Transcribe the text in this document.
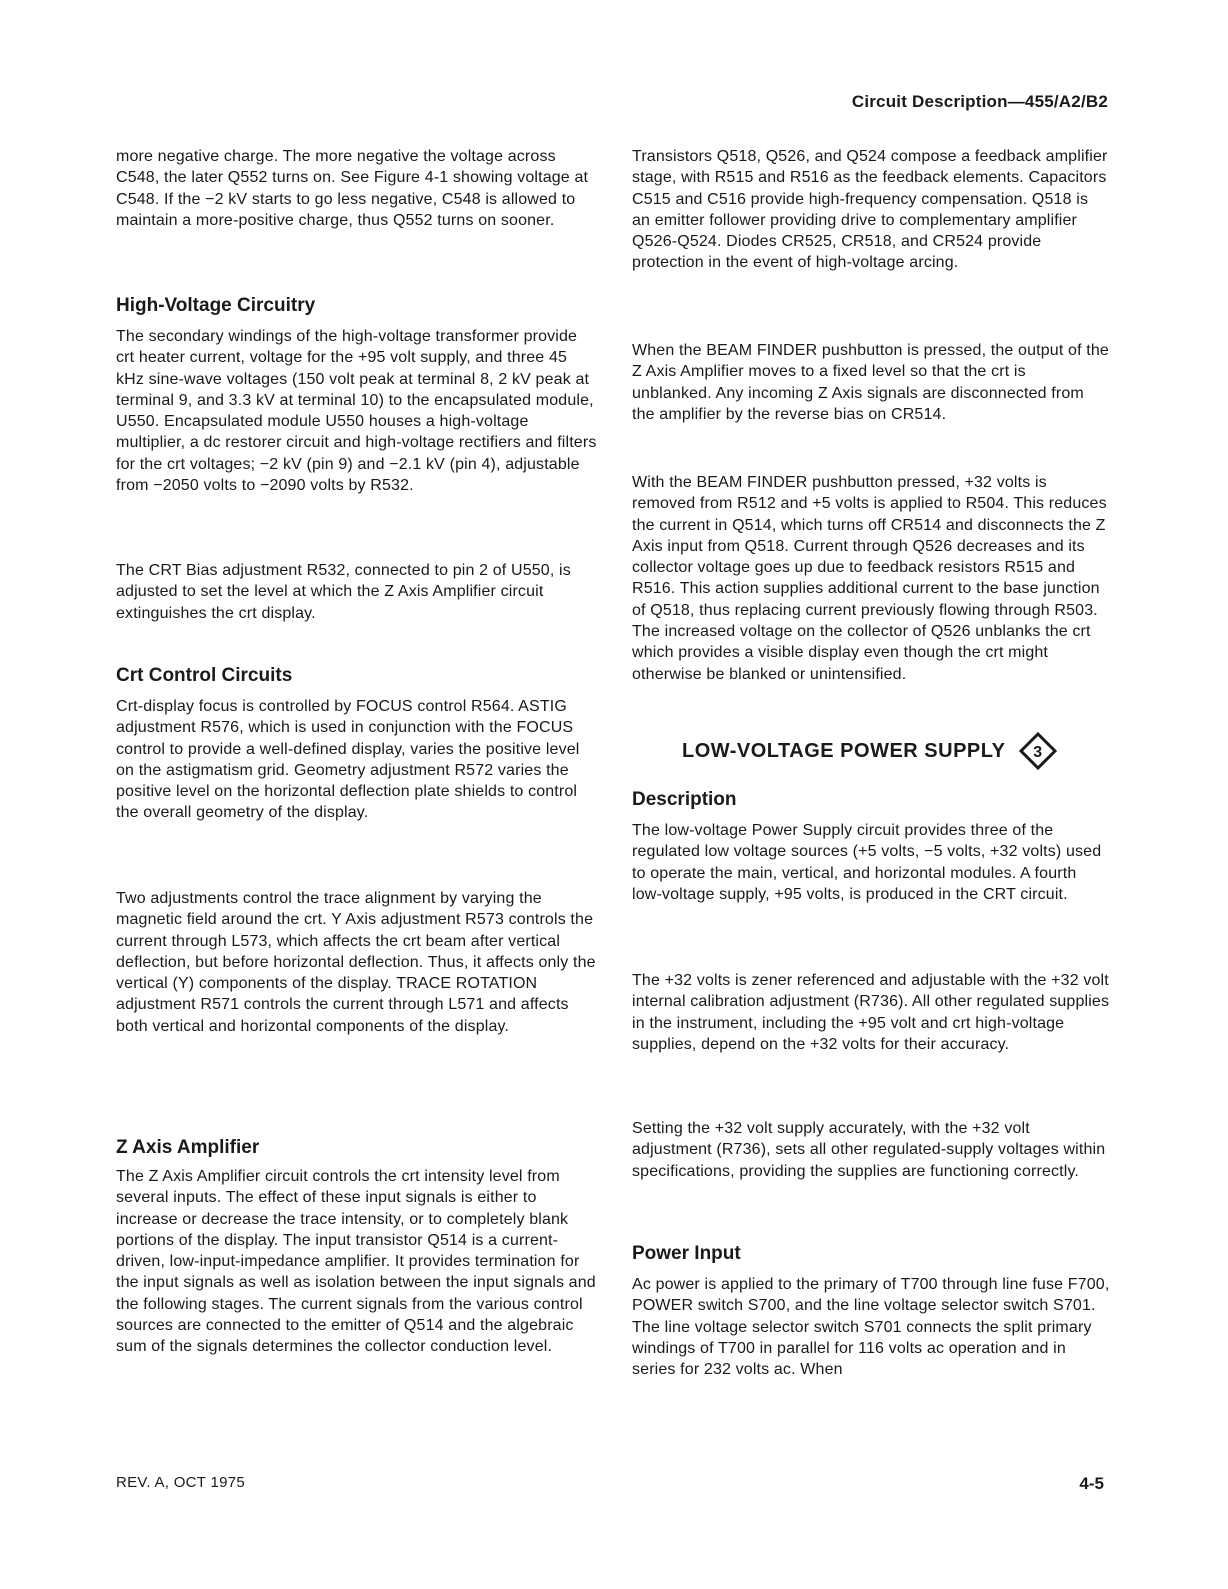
Circuit Description—455/A2/B2

more negative charge. The more negative the voltage across C548, the later Q552 turns on. See Figure 4-1 showing voltage at C548. If the −2 kV starts to go less negative, C548 is allowed to maintain a more-positive charge, thus Q552 turns on sooner.

High-Voltage Circuitry

The secondary windings of the high-voltage transformer provide crt heater current, voltage for the +95 volt supply, and three 45 kHz sine-wave voltages (150 volt peak at terminal 8, 2 kV peak at terminal 9, and 3.3 kV at terminal 10) to the encapsulated module, U550. Encapsulated module U550 houses a high-voltage multiplier, a dc restorer circuit and high-voltage rectifiers and filters for the crt voltages; −2 kV (pin 9) and −2.1 kV (pin 4), adjustable from −2050 volts to −2090 volts by R532.

The CRT Bias adjustment R532, connected to pin 2 of U550, is adjusted to set the level at which the Z Axis Amplifier circuit extinguishes the crt display.

Crt Control Circuits

Crt-display focus is controlled by FOCUS control R564. ASTIG adjustment R576, which is used in conjunction with the FOCUS control to provide a well-defined display, varies the positive level on the astigmatism grid. Geometry adjustment R572 varies the positive level on the horizontal deflection plate shields to control the overall geometry of the display.

Two adjustments control the trace alignment by varying the magnetic field around the crt. Y Axis adjustment R573 controls the current through L573, which affects the crt beam after vertical deflection, but before horizontal deflection. Thus, it affects only the vertical (Y) components of the display. TRACE ROTATION adjustment R571 controls the current through L571 and affects both vertical and horizontal components of the display.

Z Axis Amplifier

The Z Axis Amplifier circuit controls the crt intensity level from several inputs. The effect of these input signals is either to increase or decrease the trace intensity, or to completely blank portions of the display. The input transistor Q514 is a current-driven, low-input-impedance amplifier. It provides termination for the input signals as well as isolation between the input signals and the following stages. The current signals from the various control sources are connected to the emitter of Q514 and the algebraic sum of the signals determines the collector conduction level.

Transistors Q518, Q526, and Q524 compose a feedback amplifier stage, with R515 and R516 as the feedback elements. Capacitors C515 and C516 provide high-frequency compensation. Q518 is an emitter follower providing drive to complementary amplifier Q526-Q524. Diodes CR525, CR518, and CR524 provide protection in the event of high-voltage arcing.

When the BEAM FINDER pushbutton is pressed, the output of the Z Axis Amplifier moves to a fixed level so that the crt is unblanked. Any incoming Z Axis signals are disconnected from the amplifier by the reverse bias on CR514.

With the BEAM FINDER pushbutton pressed, +32 volts is removed from R512 and +5 volts is applied to R504. This reduces the current in Q514, which turns off CR514 and disconnects the Z Axis input from Q518. Current through Q526 decreases and its collector voltage goes up due to feedback resistors R515 and R516. This action supplies additional current to the base junction of Q518, thus replacing current previously flowing through R503. The increased voltage on the collector of Q526 unblanks the crt which provides a visible display even though the crt might otherwise be blanked or unintensified.

LOW-VOLTAGE POWER SUPPLY 3
Description

The low-voltage Power Supply circuit provides three of the regulated low voltage sources (+5 volts, −5 volts, +32 volts) used to operate the main, vertical, and horizontal modules. A fourth low-voltage supply, +95 volts, is produced in the CRT circuit.

The +32 volts is zener referenced and adjustable with the +32 volt internal calibration adjustment (R736). All other regulated supplies in the instrument, including the +95 volt and crt high-voltage supplies, depend on the +32 volts for their accuracy.

Setting the +32 volt supply accurately, with the +32 volt adjustment (R736), sets all other regulated-supply voltages within specifications, providing the supplies are functioning correctly.

Power Input

Ac power is applied to the primary of T700 through line fuse F700, POWER switch S700, and the line voltage selector switch S701. The line voltage selector switch S701 connects the split primary windings of T700 in parallel for 116 volts ac operation and in series for 232 volts ac. When

REV. A, OCT 1975	4-5
